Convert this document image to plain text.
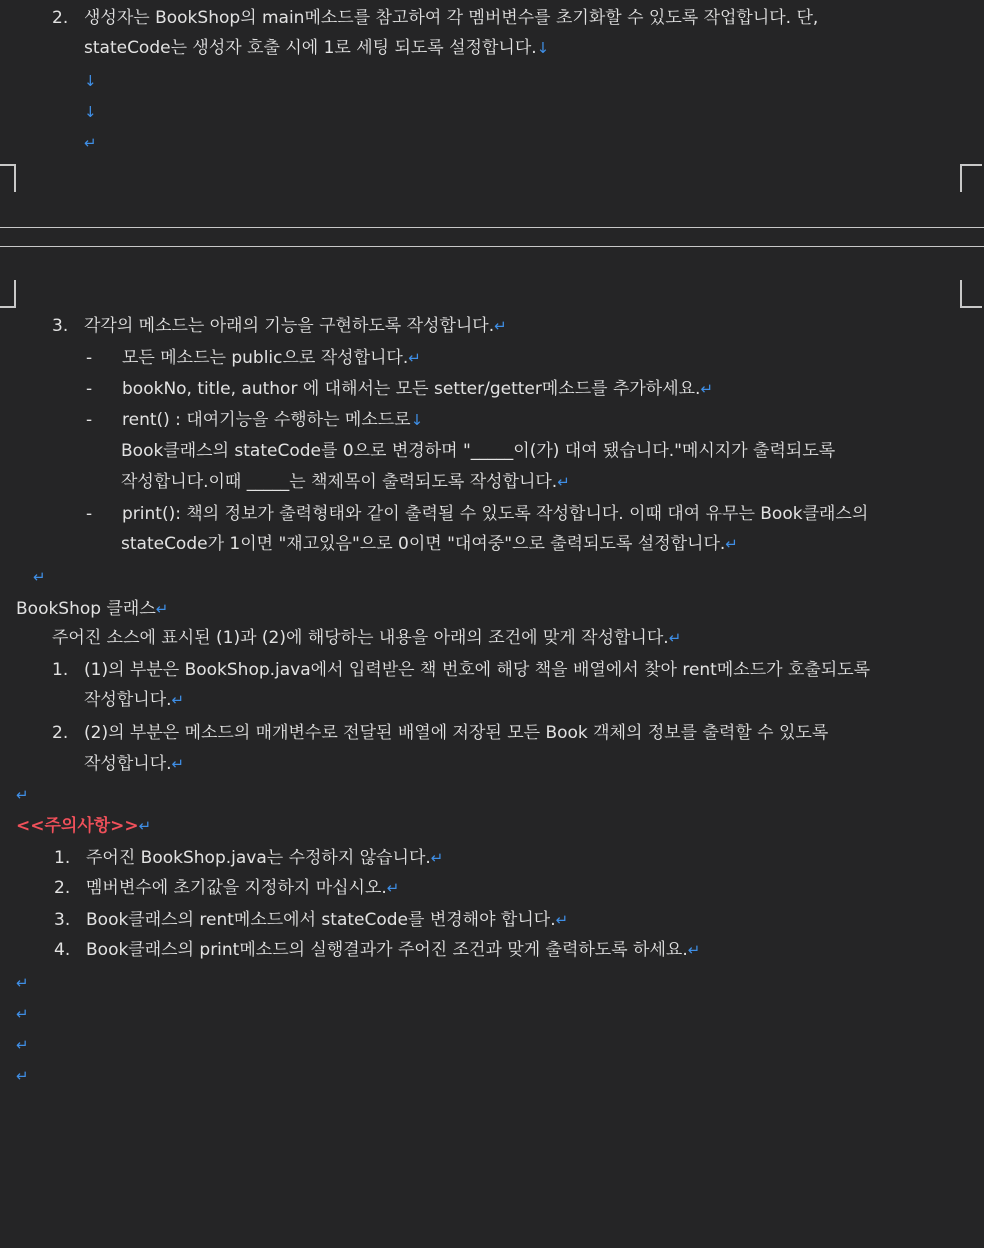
2. 생성자는 BookShop의 main메소드를 참고하여 각 멤버변수를 초기화할 수 있도록 작업합니다. 단,
stateCode는 생성자 호출 시에 1로 세팅 되도록 설정합니다.↓
↓
↓
↵
3. 각각의 메소드는 아래의 기능을 구현하도록 작성합니다.↵
- 모든 메소드는 public으로 작성합니다.↵
- bookNo, title, author 에 대해서는 모든 setter/getter메소드를 추가하세요.↵
- rent() : 대여기능을 수행하는 메소드로↓
Book클래스의 stateCode를 0으로 변경하며 "_____이(가) 대여 됐습니다."메시지가 출력되도록
작성합니다.이때 _____는 책제목이 출력되도록 작성합니다.↵
- print(): 책의 정보가 출력형태와 같이 출력될 수 있도록 작성합니다. 이때 대여 유무는 Book클래스의
stateCode가 1이면 "재고있음"으로 0이면 "대여중"으로 출력되도록 설정합니다.↵
↵
BookShop 클래스↵
주어진 소스에 표시된 (1)과 (2)에 해당하는 내용을 아래의 조건에 맞게 작성합니다.↵
1. (1)의 부분은 BookShop.java에서 입력받은 책 번호에 해당 책을 배열에서 찾아 rent메소드가 호출되도록
작성합니다.↵
2. (2)의 부분은 메소드의 매개변수로 전달된 배열에 저장된 모든 Book 객체의 정보를 출력할 수 있도록
작성합니다.↵
↵
<<주의사항>>↵
1. 주어진 BookShop.java는 수정하지 않습니다.↵
2. 멤버변수에 초기값을 지정하지 마십시오.↵
3. Book클래스의 rent메소드에서 stateCode를 변경해야 합니다.↵
4. Book클래스의 print메소드의 실행결과가 주어진 조건과 맞게 출력하도록 하세요.↵
↵
↵
↵
↵
